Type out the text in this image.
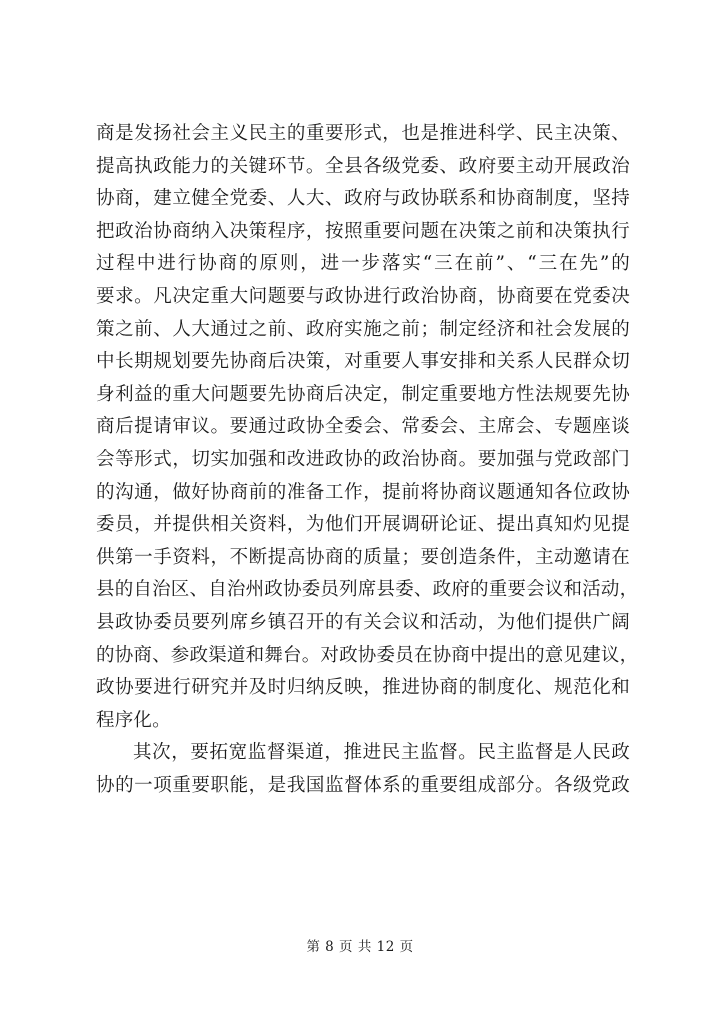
商是发扬社会主义民主的重要形式，也是推进科学、民主决策、
提高执政能力的关键环节。全县各级党委、政府要主动开展政治
协商，建立健全党委、人大、政府与政协联系和协商制度，坚持
把政治协商纳入决策程序，按照重要问题在决策之前和决策执行
过程中进行协商的原则，进一步落实“三在前”、“三在先”的
要求。凡决定重大问题要与政协进行政治协商，协商要在党委决
策之前、人大通过之前、政府实施之前；制定经济和社会发展的
中长期规划要先协商后决策，对重要人事安排和关系人民群众切
身利益的重大问题要先协商后决定，制定重要地方性法规要先协
商后提请审议。要通过政协全委会、常委会、主席会、专题座谈
会等形式，切实加强和改进政协的政治协商。要加强与党政部门
的沟通，做好协商前的准备工作，提前将协商议题通知各位政协
委员，并提供相关资料，为他们开展调研论证、提出真知灼见提
供第一手资料，不断提高协商的质量；要创造条件，主动邀请在
县的自治区、自治州政协委员列席县委、政府的重要会议和活动，
县政协委员要列席乡镇召开的有关会议和活动，为他们提供广阔
的协商、参政渠道和舞台。对政协委员在协商中提出的意见建议，
政协要进行研究并及时归纳反映，推进协商的制度化、规范化和
程序化。
其次，要拓宽监督渠道，推进民主监督。民主监督是人民政
协的一项重要职能，是我国监督体系的重要组成部分。各级党政
第 8 页 共 12 页
